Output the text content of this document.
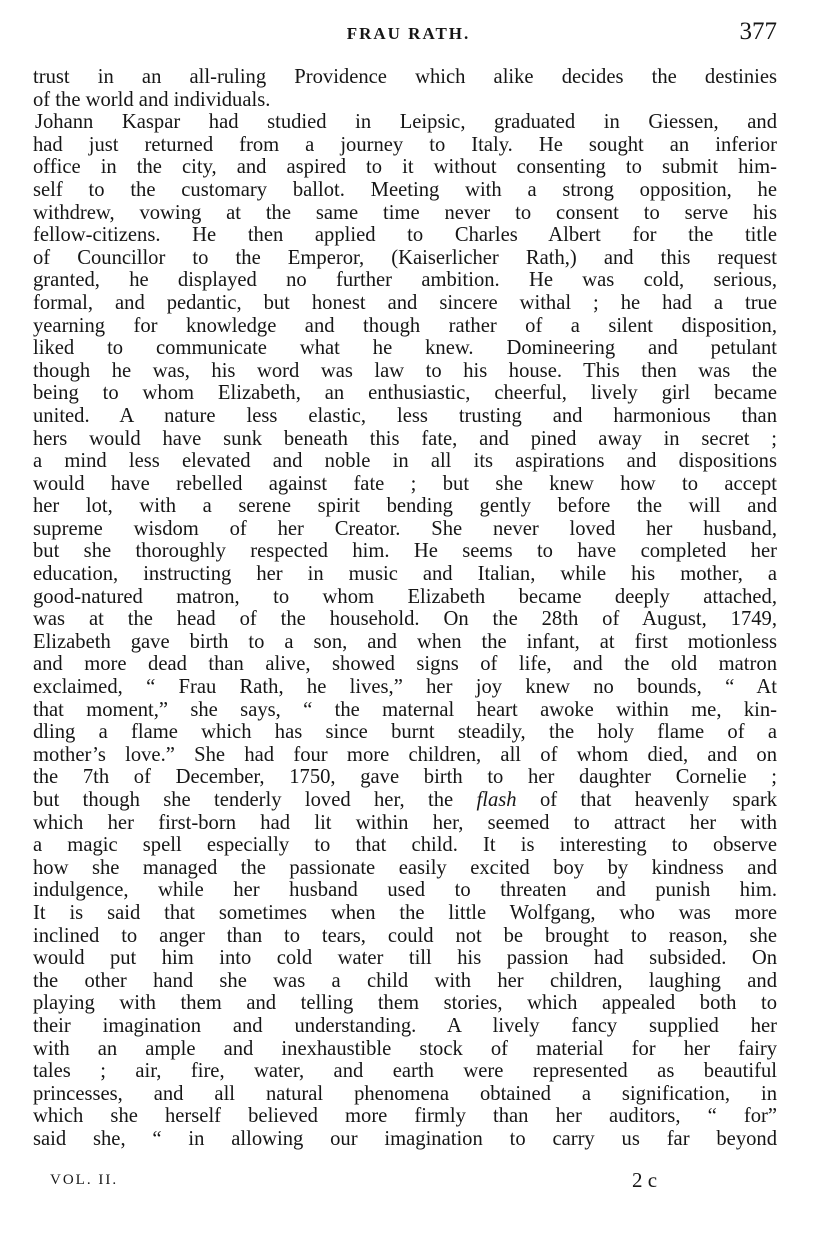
FRAU RATH.	377
trust in an all-ruling Providence which alike decides the destinies
of the world and individuals.
Johann Kaspar had studied in Leipsic, graduated in Giessen, and
had just returned from a journey to Italy. He sought an inferior
office in the city, and aspired to it without consenting to submit him-
self to the customary ballot. Meeting with a strong opposition, he
withdrew, vowing at the same time never to consent to serve his
fellow-citizens. He then applied to Charles Albert for the title
of Councillor to the Emperor, (Kaiserlicher Rath,) and this request
granted, he displayed no further ambition. He was cold, serious,
formal, and pedantic, but honest and sincere withal ; he had a true
yearning for knowledge and though rather of a silent disposition,
liked to communicate what he knew. Domineering and petulant
though he was, his word was law to his house. This then was the
being to whom Elizabeth, an enthusiastic, cheerful, lively girl became
united. A nature less elastic, less trusting and harmonious than
hers would have sunk beneath this fate, and pined away in secret ;
a mind less elevated and noble in all its aspirations and dispositions
would have rebelled against fate ; but she knew how to accept
her lot, with a serene spirit bending gently before the will and
supreme wisdom of her Creator. She never loved her husband,
but she thoroughly respected him. He seems to have completed her
education, instructing her in music and Italian, while his mother, a
good-natured matron, to whom Elizabeth became deeply attached,
was at the head of the household. On the 28th of August, 1749,
Elizabeth gave birth to a son, and when the infant, at first motionless
and more dead than alive, showed signs of life, and the old matron
exclaimed, “ Frau Rath, he lives,” her joy knew no bounds, “ At
that moment,” she says, “ the maternal heart awoke within me, kin-
dling a flame which has since burnt steadily, the holy flame of a
mother’s love.” She had four more children, all of whom died, and on
the 7th of December, 1750, gave birth to her daughter Cornelie ;
but though she tenderly loved her, the flash of that heavenly spark
which her first-born had lit within her, seemed to attract her with
a magic spell especially to that child. It is interesting to observe
how she managed the passionate easily excited boy by kindness and
indulgence, while her husband used to threaten and punish him.
It is said that sometimes when the little Wolfgang, who was more
inclined to anger than to tears, could not be brought to reason, she
would put him into cold water till his passion had subsided. On
the other hand she was a child with her children, laughing and
playing with them and telling them stories, which appealed both to
their imagination and understanding. A lively fancy supplied her
with an ample and inexhaustible stock of material for her fairy
tales ; air, fire, water, and earth were represented as beautiful
princesses, and all natural phenomena obtained a signification, in
which she herself believed more firmly than her auditors, “ for”
said she, “ in allowing our imagination to carry us far beyond
VOL. II.	2 c
